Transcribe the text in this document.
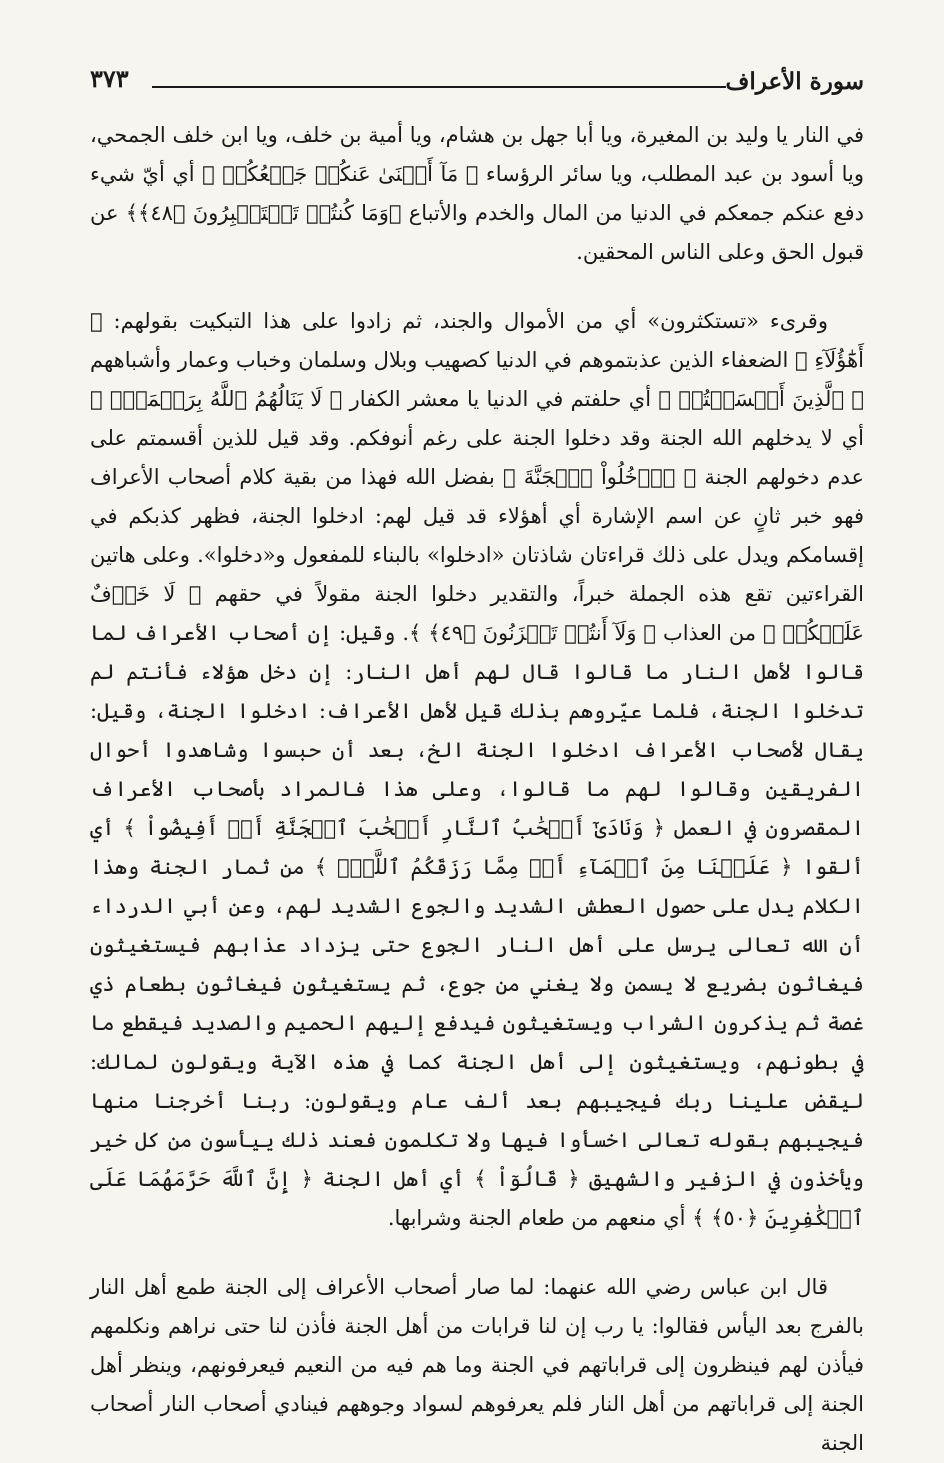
سورة الأعراف
٣٧٣

في النار يا وليد بن المغيرة، ويا أبا جهل بن هشام، ويا أمية بن خلف، ويا ابن خلف الجمحي، ويا أسود بن عبد المطلب، ويا سائر الرؤساء ﴿ مَآ أَغۡنَىٰ عَنكُمۡ جَمۡعُكُمۡ ﴾ أي أيّ شيء دفع عنكم جمعكم في الدنيا من المال والخدم والأتباع ﴿وَمَا كُنتُمۡ تَسۡتَكۡبِرُونَ ﴿٤٨﴾﴾ عن قبول الحق وعلى الناس المحقين.

وقرىء «تستكثرون» أي من الأموال والجند، ثم زادوا على هذا التبكيت بقولهم: ﴿ أَهَٰٓؤُلَآءِ ﴾ الضعفاء الذين عذبتموهم في الدنيا كصهيب وبلال وسلمان وخباب وعمار وأشباههم ﴿ ٱلَّذِينَ أَقۡسَمۡتُمۡ ﴾ أي حلفتم في الدنيا يا معشر الكفار ﴿ لَا يَنَالُهُمُ ٱللَّهُ بِرَحۡمَةٍۚ ﴾ أي لا يدخلهم الله الجنة وقد دخلوا الجنة على رغم أنوفكم. وقد قيل للذين أقسمتم على عدم دخولهم الجنة ﴿ ٱدۡخُلُواْ ٱلۡجَنَّةَ ﴾ بفضل الله فهذا من بقية كلام أصحاب الأعراف فهو خبر ثانٍ عن اسم الإشارة أي أهؤلاء قد قيل لهم: ادخلوا الجنة، فظهر كذبكم في إقسامكم ويدل على ذلك قراءتان شاذتان «ادخلوا» بالبناء للمفعول و«دخلوا». وعلى هاتين القراءتين تقع هذه الجملة خبراً، والتقدير دخلوا الجنة مقولاً في حقهم ﴿ لَا خَوۡفٌ عَلَيۡكُمۡ ﴾ من العذاب ﴿ وَلَآ أَنتُمۡ تَحۡزَنُونَ ﴿٤٩﴾ ﴾. وقيل: إن أصحاب الأعراف لما قالوا لأهل النار ما قالوا قال لهم أهل النار: إن دخل هؤلاء فأنتم لم تدخلوا الجنة، فلما عيّروهم بذلك قيل لأهل الأعراف: ادخلوا الجنة، وقيل: يقال لأصحاب الأعراف ادخلوا الجنة الخ، بعد أن حبسوا وشاهدوا أحوال الفريقين وقالوا لهم ما قالوا، وعلى هذا فالمراد بأصحاب الأعراف المقصرون في العمل ﴿ وَنَادَىٰٓ أَصۡحَٰبُ ٱلنَّارِ أَصۡحَٰبَ ٱلۡجَنَّةِ أَنۡ أَفِيضُواْ ﴾ أي ألقوا ﴿ عَلَيۡنَا مِنَ ٱلۡمَآءِ أَوۡ مِمَّا رَزَقَكُمُ ٱللَّهُۚ ﴾ من ثمار الجنة وهذا الكلام يدل على حصول العطش الشديد والجوع الشديد لهم، وعن أبي الدرداء أن الله تعالى يرسل على أهل النار الجوع حتى يزداد عذابهم فيستغيثون فيغاثون بضريع لا يسمن ولا يغني من جوع، ثم يستغيثون فيغاثون بطعام ذي غصة ثم يذكرون الشراب ويستغيثون فيدفع إليهم الحميم والصديد فيقطع ما في بطونهم، ويستغيثون إلى أهل الجنة كما في هذه الآية ويقولون لمالك: ليقض علينا ربك فيجيبهم بعد ألف عام ويقولون: ربنا أخرجنا منها فيجيبهم بقوله تعالى اخسأوا فيها ولا تكلمون فعند ذلك ييأسون من كل خير ويأخذون في الزفير والشهيق ﴿ قَالُوٓاْ ﴾ أي أهل الجنة ﴿ إِنَّ ٱللَّهَ حَرَّمَهُمَا عَلَى ٱلۡكَٰفِرِينَ ﴿٥٠﴾ ﴾ أي منعهم من طعام الجنة وشرابها.

قال ابن عباس رضي الله عنهما: لما صار أصحاب الأعراف إلى الجنة طمع أهل النار بالفرج بعد اليأس فقالوا: يا رب إن لنا قرابات من أهل الجنة فأذن لنا حتى نراهم ونكلمهم فيأذن لهم فينظرون إلى قراباتهم في الجنة وما هم فيه من النعيم فيعرفونهم، وينظر أهل الجنة إلى قراباتهم من أهل النار فلم يعرفوهم لسواد وجوههم فينادي أصحاب النار أصحاب الجنة
